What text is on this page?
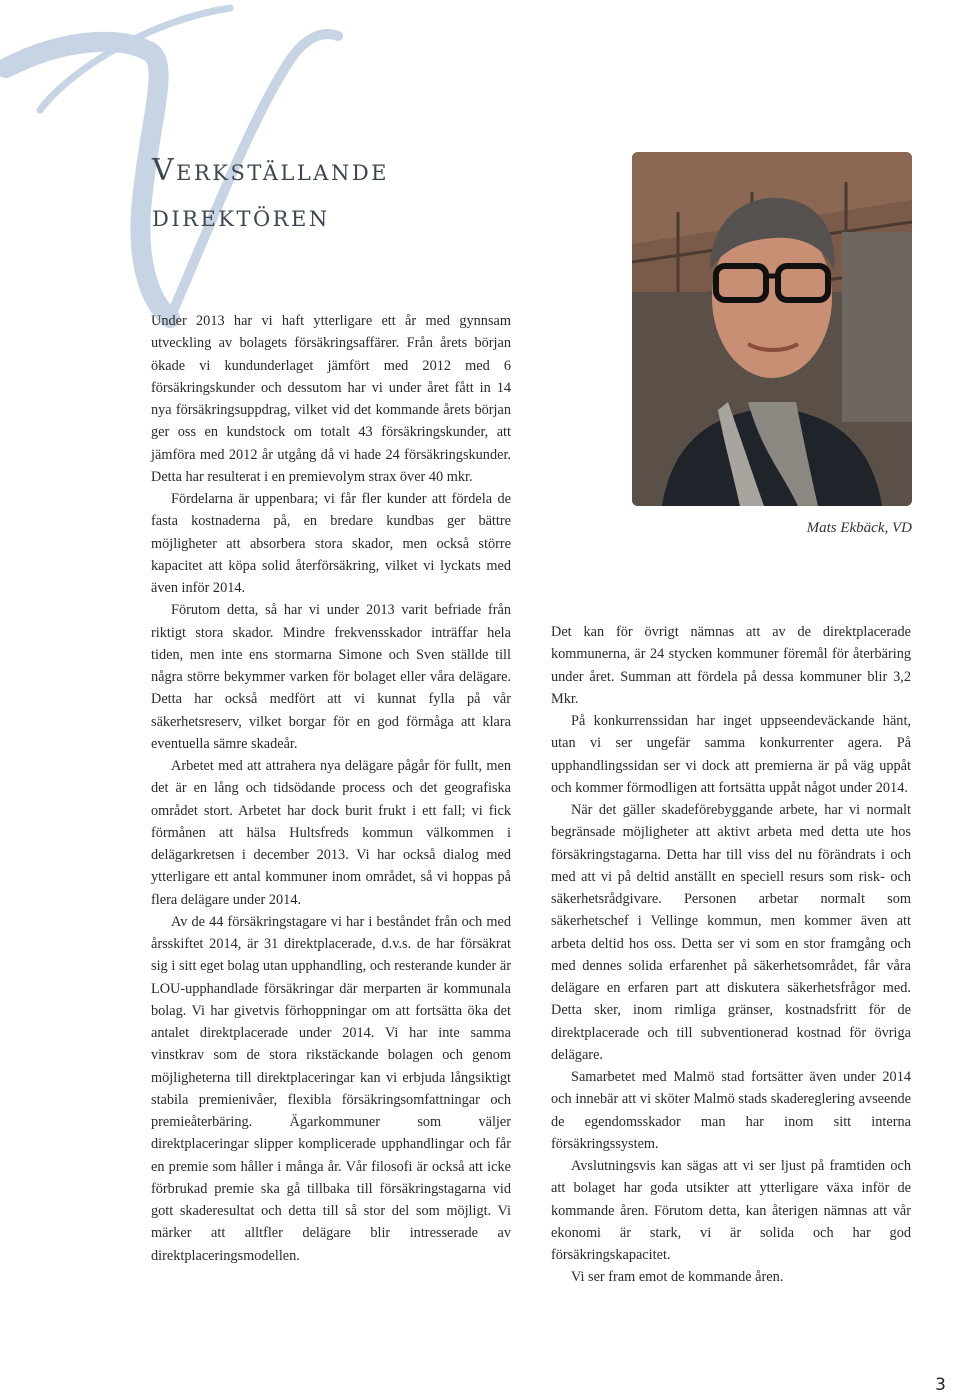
Verkställande
direktören
Mats Ekbäck, VD

Under 2013 har vi haft ytterligare ett år med gynnsam utveckling av bolagets försäkringsaffärer. Från årets början ökade vi kundunderlaget jämfört med 2012 med 6 försäkringskunder och dessutom har vi under året fått in 14 nya försäkringsuppdrag, vilket vid det kommande årets början ger oss en kundstock om totalt 43 försäkringskunder, att jämföra med 2012 år utgång då vi hade 24 försäkringskunder. Detta har resulterat i en premievolym strax över 40 mkr.

Fördelarna är uppenbara; vi får fler kunder att fördela de fasta kostnaderna på, en bredare kundbas ger bättre möjligheter att absorbera stora skador, men också större kapacitet att köpa solid återförsäkring, vilket vi lyckats med även inför 2014.

Förutom detta, så har vi under 2013 varit befriade från riktigt stora skador. Mindre frekvensskador inträffar hela tiden, men inte ens stormarna Simone och Sven ställde till några större bekymmer varken för bolaget eller våra delägare. Detta har också medfört att vi kunnat fylla på vår säkerhetsreserv, vilket borgar för en god förmåga att klara eventuella sämre skadeår.

Arbetet med att attrahera nya delägare pågår för fullt, men det är en lång och tidsödande process och det geografiska området stort. Arbetet har dock burit frukt i ett fall; vi fick förmånen att hälsa Hultsfreds kommun välkommen i delägarkretsen i december 2013. Vi har också dialog med ytterligare ett antal kommuner inom området, så vi hoppas på flera delägare under 2014.

Av de 44 försäkringstagare vi har i beståndet från och med årsskiftet 2014, är 31 direktplacerade, d.v.s. de har försäkrat sig i sitt eget bolag utan upphandling, och resterande kunder är LOU-upphandlade försäkringar där merparten är kommunala bolag. Vi har givetvis förhoppningar om att fortsätta öka det antalet direktplacerade under 2014. Vi har inte samma vinstkrav som de stora rikstäckande bolagen och genom möjligheterna till direktplaceringar kan vi erbjuda långsiktigt stabila premienivåer, flexibla försäkringsomfattningar och premieåterbäring. Ägarkommuner som väljer direktplaceringar slipper komplicerade upphandlingar och får en premie som håller i många år. Vår filosofi är också att icke förbrukad premie ska gå tillbaka till försäkringstagarna vid gott skaderesultat och detta till så stor del som möjligt. Vi märker att alltfler delägare blir intresserade av direktplaceringsmodellen.

Det kan för övrigt nämnas att av de direktplacerade kommunerna, är 24 stycken kommuner föremål för återbäring under året. Summan att fördela på dessa kommuner blir 3,2 Mkr.

På konkurrenssidan har inget uppseendeväckande hänt, utan vi ser ungefär samma konkurrenter agera. På upphandlingssidan ser vi dock att premierna är på väg uppåt och kommer förmodligen att fortsätta uppåt något under 2014.

När det gäller skadeförebyggande arbete, har vi normalt begränsade möjligheter att aktivt arbeta med detta ute hos försäkringstagarna. Detta har till viss del nu förändrats i och med att vi på deltid anställt en speciell resurs som risk- och säkerhetsrådgivare. Personen arbetar normalt som säkerhetschef i Vellinge kommun, men kommer även att arbeta deltid hos oss. Detta ser vi som en stor framgång och med dennes solida erfarenhet på säkerhetsområdet, får våra delägare en erfaren part att diskutera säkerhetsfrågor med. Detta sker, inom rimliga gränser, kostnadsfritt för de direktplacerade och till subventionerad kostnad för övriga delägare.

Samarbetet med Malmö stad fortsätter även under 2014 och innebär att vi sköter Malmö stads skadereglering avseende de egendomsskador man har inom sitt interna försäkringssystem.

Avslutningsvis kan sägas att vi ser ljust på framtiden och att bolaget har goda utsikter att ytterligare växa inför de kommande åren. Förutom detta, kan återigen nämnas att vår ekonomi är stark, vi är solida och har god försäkringskapacitet.

Vi ser fram emot de kommande åren.

3
